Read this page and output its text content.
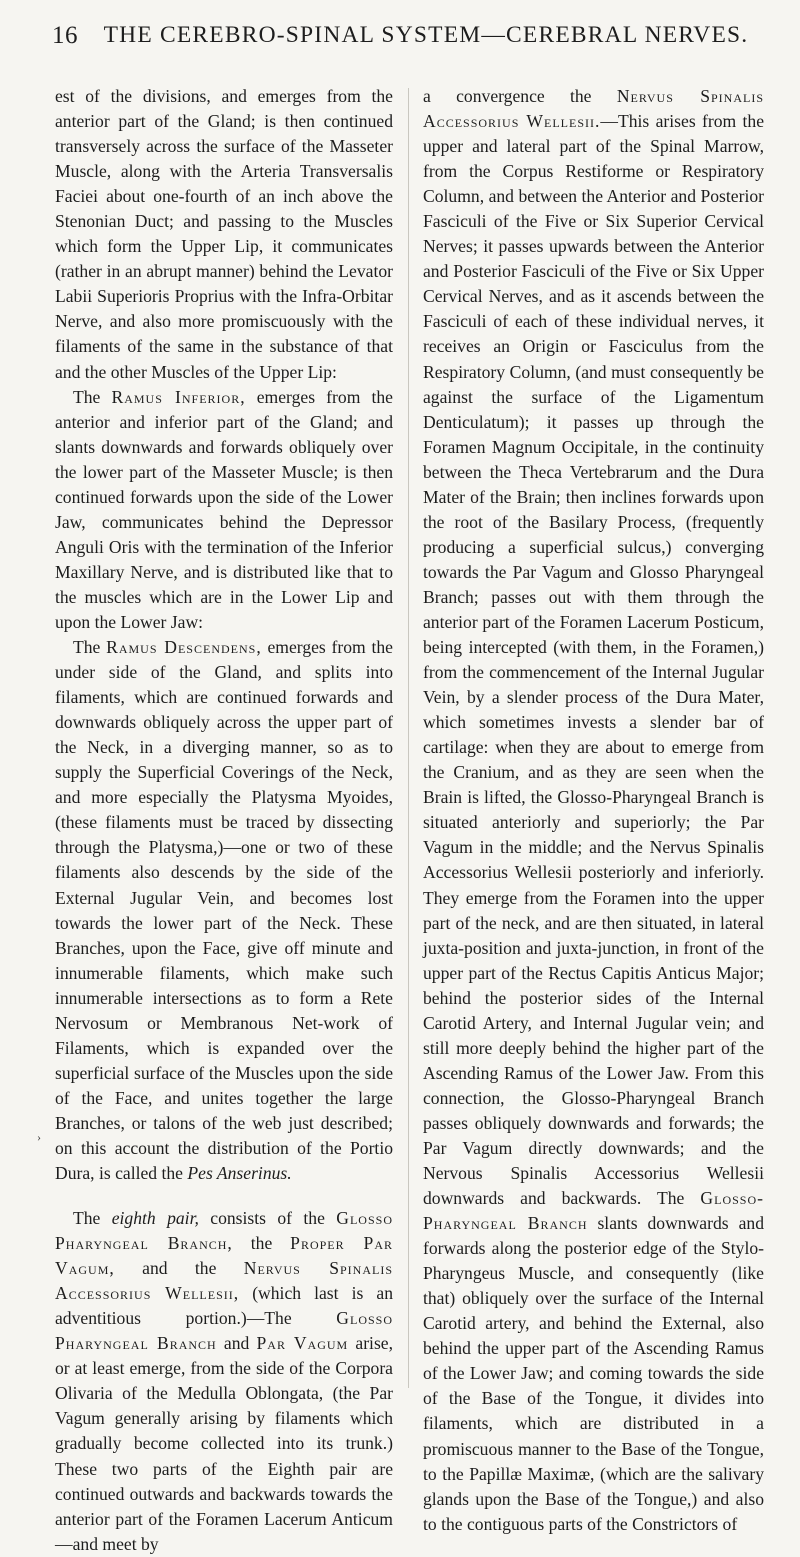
16	THE CEREBRO-SPINAL SYSTEM—CEREBRAL NERVES.

est of the divisions, and emerges from the anterior part of the Gland; is then continued transversely across the surface of the Masseter Muscle, along with the Arteria Transversalis Faciei about one-fourth of an inch above the Stenonian Duct; and passing to the Muscles which form the Upper Lip, it communicates (rather in an abrupt manner) behind the Levator Labii Superioris Proprius with the Infra-Orbitar Nerve, and also more promiscuously with the filaments of the same in the substance of that and the other Muscles of the Upper Lip:

The Ramus Inferior, emerges from the anterior and inferior part of the Gland; and slants downwards and forwards obliquely over the lower part of the Masseter Muscle; is then continued forwards upon the side of the Lower Jaw, communicates behind the Depressor Anguli Oris with the termination of the Inferior Maxillary Nerve, and is distributed like that to the muscles which are in the Lower Lip and upon the Lower Jaw:

The Ramus Descendens, emerges from the under side of the Gland, and splits into filaments, which are continued forwards and downwards obliquely across the upper part of the Neck, in a diverging manner, so as to supply the Superficial Coverings of the Neck, and more especially the Platysma Myoides, (these filaments must be traced by dissecting through the Platysma,)—one or two of these filaments also descends by the side of the External Jugular Vein, and becomes lost towards the lower part of the Neck. These Branches, upon the Face, give off minute and innumerable filaments, which make such innumerable intersections as to form a Rete Nervosum or Membranous Net-work of Filaments, which is expanded over the superficial surface of the Muscles upon the side of the Face, and unites together the large Branches, or talons of the web just described; on this account the distribution of the Portio Dura, is called the Pes Anserinus.

The eighth pair, consists of the Glosso Pharyngeal Branch, the Proper Par Vagum, and the Nervus Spinalis Accessorius Wellesii, (which last is an adventitious portion.)—The Glosso Pharyngeal Branch and Par Vagum arise, or at least emerge, from the side of the Corpora Olivaria of the Medulla Oblongata, (the Par Vagum generally arising by filaments which gradually become collected into its trunk.) These two parts of the Eighth pair are continued outwards and backwards towards the anterior part of the Foramen Lacerum Anticum—and meet by

a convergence the Nervus Spinalis Accessorius Wellesii.—This arises from the upper and lateral part of the Spinal Marrow, from the Corpus Restiforme or Respiratory Column, and between the Anterior and Posterior Fasciculi of the Five or Six Superior Cervical Nerves; it passes upwards between the Anterior and Posterior Fasciculi of the Five or Six Upper Cervical Nerves, and as it ascends between the Fasciculi of each of these individual nerves, it receives an Origin or Fasciculus from the Respiratory Column, (and must consequently be against the surface of the Ligamentum Denticulatum); it passes up through the Foramen Magnum Occipitale, in the continuity between the Theca Vertebrarum and the Dura Mater of the Brain; then inclines forwards upon the root of the Basilary Process, (frequently producing a superficial sulcus,) converging towards the Par Vagum and Glosso Pharyngeal Branch; passes out with them through the anterior part of the Foramen Lacerum Posticum, being intercepted (with them, in the Foramen,) from the commencement of the Internal Jugular Vein, by a slender process of the Dura Mater, which sometimes invests a slender bar of cartilage: when they are about to emerge from the Cranium, and as they are seen when the Brain is lifted, the Glosso-Pharyngeal Branch is situated anteriorly and superiorly; the Par Vagum in the middle; and the Nervus Spinalis Accessorius Wellesii posteriorly and inferiorly. They emerge from the Foramen into the upper part of the neck, and are then situated, in lateral juxta-position and juxta-junction, in front of the upper part of the Rectus Capitis Anticus Major; behind the posterior sides of the Internal Carotid Artery, and Internal Jugular vein; and still more deeply behind the higher part of the Ascending Ramus of the Lower Jaw. From this connection, the Glosso-Pharyngeal Branch passes obliquely downwards and forwards; the Par Vagum directly downwards; and the Nervous Spinalis Accessorius Wellesii downwards and backwards. The Glosso-Pharyngeal Branch slants downwards and forwards along the posterior edge of the Stylo-Pharyngeus Muscle, and consequently (like that) obliquely over the surface of the Internal Carotid artery, and behind the External, also behind the upper part of the Ascending Ramus of the Lower Jaw; and coming towards the side of the Base of the Tongue, it divides into filaments, which are distributed in a promiscuous manner to the Base of the Tongue, to the Papillæ Maximæ, (which are the salivary glands upon the Base of the Tongue,) and also to the contiguous parts of the Constrictors of

›
